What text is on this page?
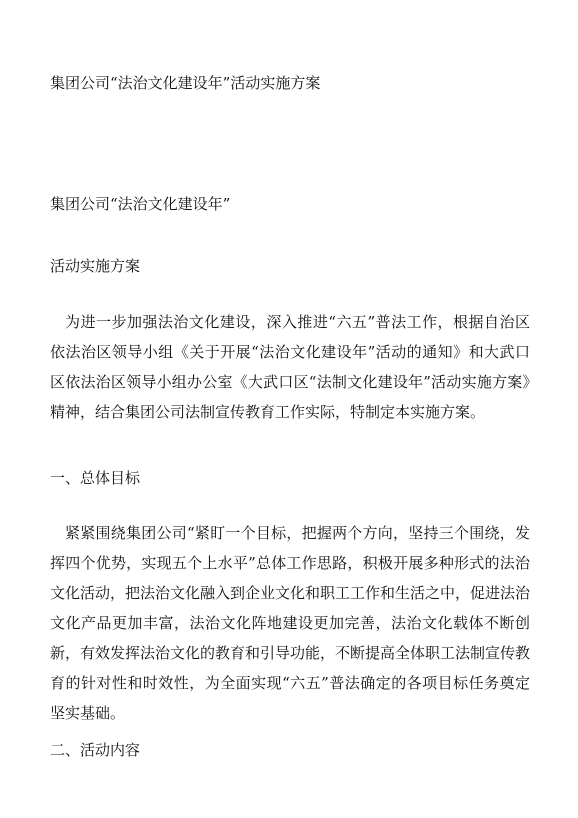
集团公司“法治文化建设年”活动实施方案
集团公司“法治文化建设年”
活动实施方案

为进一步加强法治文化建设，深入推进“六五”普法工作，根据自治区依法治区领导小组《关于开展“法治文化建设年”活动的通知》和大武口区依法治区领导小组办公室《大武口区“法制文化建设年”活动实施方案》精神，结合集团公司法制宣传教育工作实际，特制定本实施方案。

一、总体目标

紧紧围绕集团公司“紧盯一个目标，把握两个方向，坚持三个围绕，发挥四个优势，实现五个上水平”总体工作思路，积极开展多种形式的法治文化活动，把法治文化融入到企业文化和职工工作和生活之中，促进法治文化产品更加丰富，法治文化阵地建设更加完善，法治文化载体不断创新，有效发挥法治文化的教育和引导功能，不断提高全体职工法制宣传教育的针对性和时效性，为全面实现“六五”普法确定的各项目标任务奠定坚实基础。

二、活动内容
